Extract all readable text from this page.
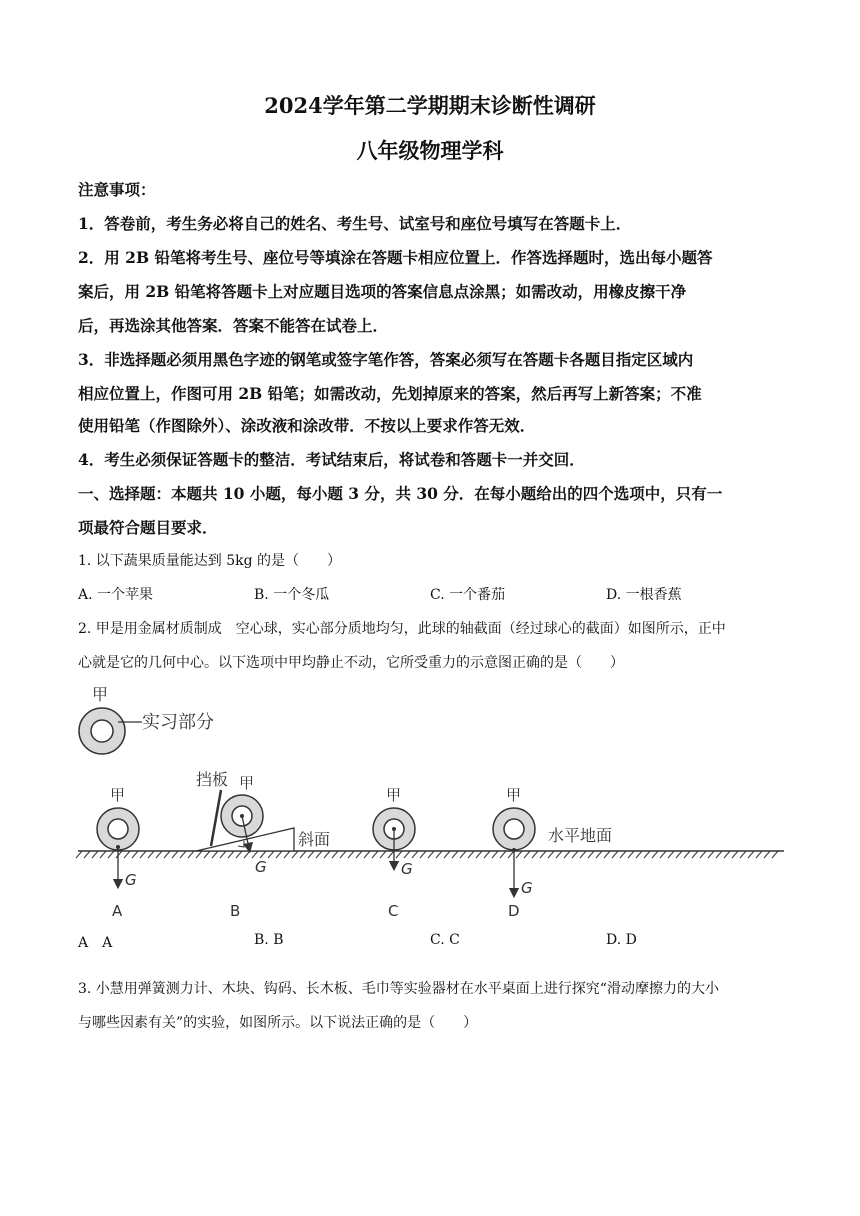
2024学年第二学期期末诊断性调研
八年级物理学科
注意事项：
1．答卷前，考生务必将自己的姓名、考生号、试室号和座位号填写在答题卡上．
2．用 2B 铅笔将考生号、座位号等填涂在答题卡相应位置上．作答选择题时，选出每小题答
案后，用 2B 铅笔将答题卡上对应题目选项的答案信息点涂黑；如需改动，用橡皮擦干净
后，再选涂其他答案．答案不能答在试卷上．
3．非选择题必须用黑色字迹的钢笔或签字笔作答，答案必须写在答题卡各题目指定区域内
相应位置上，作图可用 2B 铅笔；如需改动，先划掉原来的答案，然后再写上新答案；不准
使用铅笔（作图除外）、涂改液和涂改带．不按以上要求作答无效．
4．考生必须保证答题卡的整洁．考试结束后，将试卷和答题卡一并交回．
一、选择题：本题共 10 小题，每小题 3 分，共 30 分．在每小题给出的四个选项中，只有一
项最符合题目要求．
1. 以下蔬果质量能达到 5kg 的是（　　）
A. 一个苹果	B. 一个冬瓜	C. 一个番茄	D. 一根香蕉
2. 甲是用金属材质制成　空心球，实心部分质地均匀，此球的轴截面（经过球心的截面）如图所示，正中
心就是它的几何中心。以下选项中甲均静止不动，它所受重力的示意图正确的是（　　）
甲
实习部分
甲
G
A
挡板
斜面
甲
G
B
甲
G
C
甲
G
D
水平地面
A　A	B. B	C. C	D. D
3. 小慧用弹簧测力计、木块、钩码、长木板、毛巾等实验器材在水平桌面上进行探究“滑动摩擦力的大小
与哪些因素有关”的实验，如图所示。以下说法正确的是（　　）
